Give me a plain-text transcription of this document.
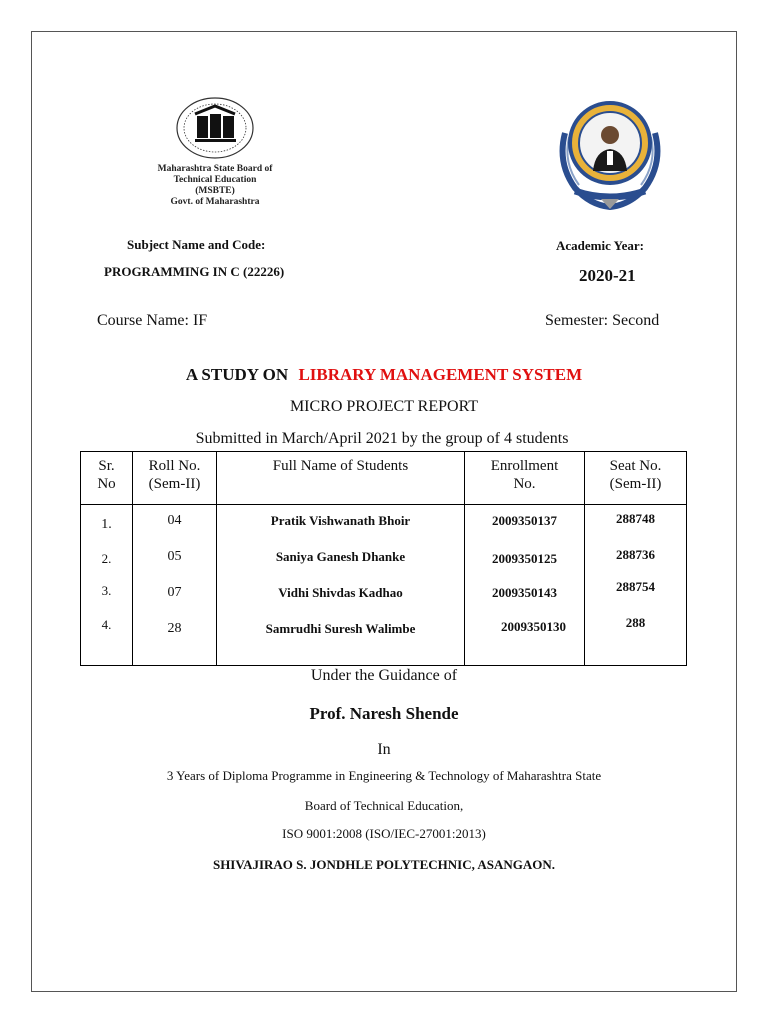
Maharashtra State Board of
Technical Education
(MSBTE)
Govt. of Maharashtra
Subject Name and Code:
PROGRAMMING IN C (22226)
Academic Year:
2020-21
Course Name: IF	Semester: Second
A STUDY ON LIBRARY MANAGEMENT SYSTEM
MICRO PROJECT REPORT
Submitted in March/April 2021 by the group of 4 students
Sr. No	Roll No. (Sem-II)	Full Name of Students	Enrollment No.	Seat No. (Sem-II)
1.	04	Pratik Vishwanath Bhoir	2009350137	288748
2.	05	Saniya Ganesh Dhanke	2009350125	288736
3.	07	Vidhi Shivdas Kadhao	2009350143	288754
4.	28	Samrudhi Suresh Walimbe	2009350130	288
Under the Guidance of
Prof. Naresh Shende
In
3 Years of Diploma Programme in Engineering & Technology of Maharashtra State
Board of Technical Education,
ISO 9001:2008 (ISO/IEC-27001:2013)
SHIVAJIRAO S. JONDHLE POLYTECHNIC, ASANGAON.
